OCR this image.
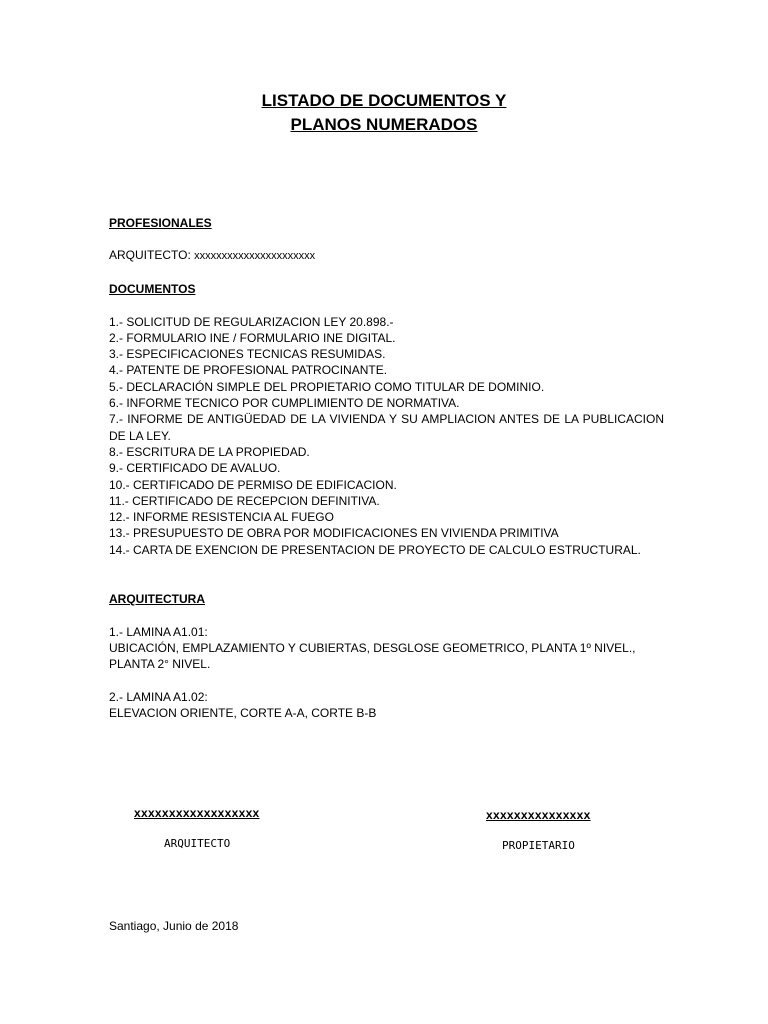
LISTADO DE DOCUMENTOS Y
PLANOS NUMERADOS
PROFESIONALES
ARQUITECTO: xxxxxxxxxxxxxxxxxxxxxx
DOCUMENTOS
1.- SOLICITUD DE REGULARIZACION LEY 20.898.-
2.- FORMULARIO INE / FORMULARIO INE DIGITAL.
3.- ESPECIFICACIONES TECNICAS RESUMIDAS.
4.- PATENTE DE PROFESIONAL PATROCINANTE.
5.- DECLARACIÓN SIMPLE DEL PROPIETARIO COMO TITULAR DE DOMINIO.
6.- INFORME TECNICO POR CUMPLIMIENTO DE NORMATIVA.
7.- INFORME DE ANTIGÜEDAD DE LA VIVIENDA Y SU AMPLIACION ANTES DE LA PUBLICACION DE LA LEY.
8.- ESCRITURA DE LA PROPIEDAD.
9.- CERTIFICADO DE AVALUO.
10.- CERTIFICADO DE PERMISO DE EDIFICACION.
11.- CERTIFICADO DE RECEPCION DEFINITIVA.
12.- INFORME RESISTENCIA AL FUEGO
13.- PRESUPUESTO DE OBRA POR MODIFICACIONES EN VIVIENDA PRIMITIVA
14.- CARTA DE EXENCION DE PRESENTACION DE PROYECTO DE CALCULO ESTRUCTURAL.
ARQUITECTURA
1.- LAMINA A1.01:
UBICACIÓN, EMPLAZAMIENTO Y CUBIERTAS, DESGLOSE GEOMETRICO, PLANTA 1º NIVEL.,
PLANTA 2° NIVEL.
2.- LAMINA A1.02:
ELEVACION ORIENTE, CORTE A-A, CORTE B-B
xxxxxxxxxxxxxxxxxx
ARQUITECTO
xxxxxxxxxxxxxxx
PROPIETARIO
Santiago, Junio de 2018
